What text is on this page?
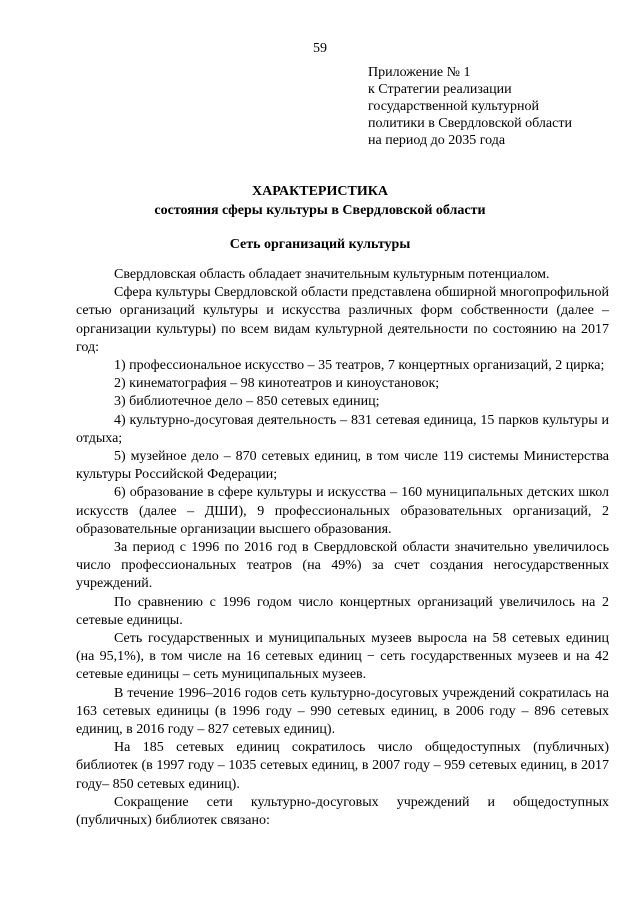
59
Приложение № 1
к Стратегии реализации
государственной культурной
политики в Свердловской области
на период до 2035 года
ХАРАКТЕРИСТИКА
состояния сферы культуры в Свердловской области
Сеть организаций культуры

Свердловская область обладает значительным культурным потенциалом.

Сфера культуры Свердловской области представлена обширной многопрофильной сетью организаций культуры и искусства различных форм собственности (далее – организации культуры) по всем видам культурной деятельности по состоянию на 2017 год:

1) профессиональное искусство – 35 театров, 7 концертных организаций, 2 цирка;

2) кинематография – 98 кинотеатров и киноустановок;

3) библиотечное дело – 850 сетевых единиц;

4) культурно-досуговая деятельность – 831 сетевая единица, 15 парков культуры и отдыха;

5) музейное дело – 870 сетевых единиц, в том числе 119 системы Министерства культуры Российской Федерации;

6) образование в сфере культуры и искусства – 160 муниципальных детских школ искусств (далее – ДШИ), 9 профессиональных образовательных организаций, 2 образовательные организации высшего образования.

За период с 1996 по 2016 год в Свердловской области значительно увеличилось число профессиональных театров (на 49%) за счет создания негосударственных учреждений.

По сравнению с 1996 годом число концертных организаций увеличилось на 2 сетевые единицы.

Сеть государственных и муниципальных музеев выросла на 58 сетевых единиц (на 95,1%), в том числе на 16 сетевых единиц − сеть государственных музеев и на 42 сетевые единицы – сеть муниципальных музеев.

В течение 1996–2016 годов сеть культурно-досуговых учреждений сократилась на 163 сетевых единицы (в 1996 году – 990 сетевых единиц, в 2006 году – 896 сетевых единиц, в 2016 году – 827 сетевых единиц).

На 185 сетевых единиц сократилось число общедоступных (публичных) библиотек (в 1997 году – 1035 сетевых единиц, в 2007 году – 959 сетевых единиц, в 2017 году– 850 сетевых единиц).

Сокращение сети культурно-досуговых учреждений и общедоступных (публичных) библиотек связано:
